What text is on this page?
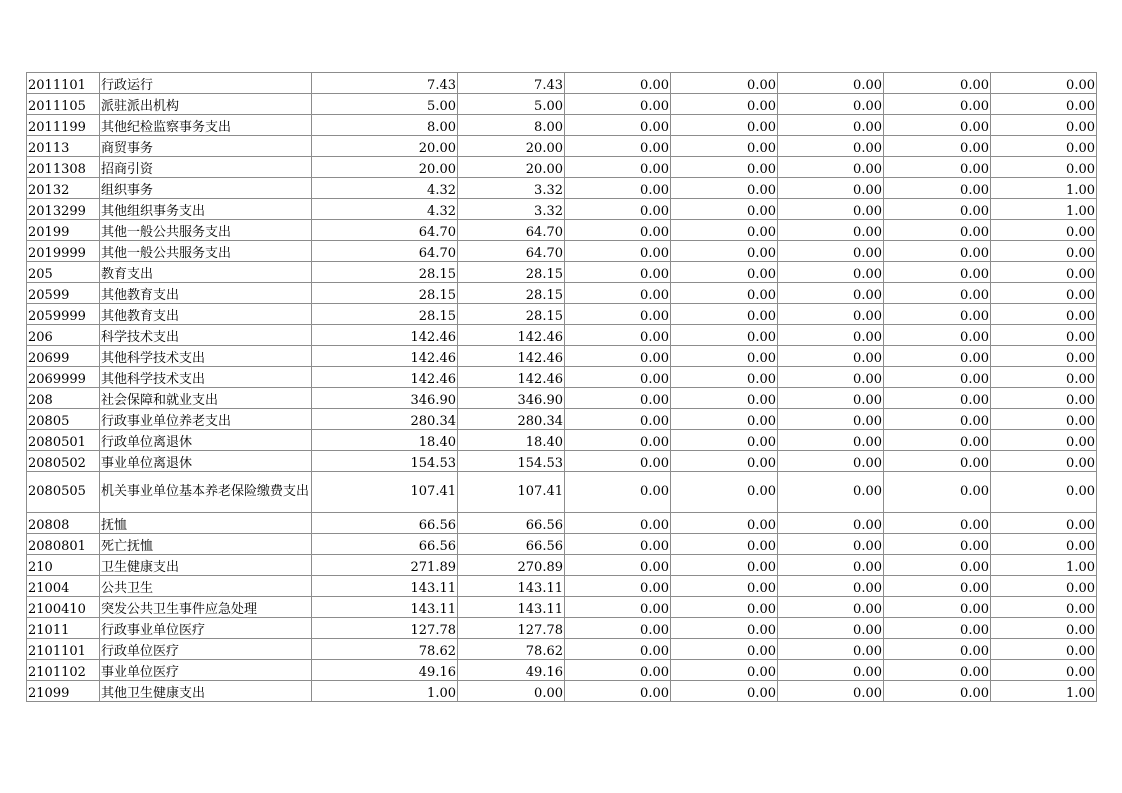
2011101	行政运行	7.43	7.43	0.00	0.00	0.00	0.00	0.00
2011105	派驻派出机构	5.00	5.00	0.00	0.00	0.00	0.00	0.00
2011199	其他纪检监察事务支出	8.00	8.00	0.00	0.00	0.00	0.00	0.00
20113	商贸事务	20.00	20.00	0.00	0.00	0.00	0.00	0.00
2011308	招商引资	20.00	20.00	0.00	0.00	0.00	0.00	0.00
20132	组织事务	4.32	3.32	0.00	0.00	0.00	0.00	1.00
2013299	其他组织事务支出	4.32	3.32	0.00	0.00	0.00	0.00	1.00
20199	其他一般公共服务支出	64.70	64.70	0.00	0.00	0.00	0.00	0.00
2019999	其他一般公共服务支出	64.70	64.70	0.00	0.00	0.00	0.00	0.00
205	教育支出	28.15	28.15	0.00	0.00	0.00	0.00	0.00
20599	其他教育支出	28.15	28.15	0.00	0.00	0.00	0.00	0.00
2059999	其他教育支出	28.15	28.15	0.00	0.00	0.00	0.00	0.00
206	科学技术支出	142.46	142.46	0.00	0.00	0.00	0.00	0.00
20699	其他科学技术支出	142.46	142.46	0.00	0.00	0.00	0.00	0.00
2069999	其他科学技术支出	142.46	142.46	0.00	0.00	0.00	0.00	0.00
208	社会保障和就业支出	346.90	346.90	0.00	0.00	0.00	0.00	0.00
20805	行政事业单位养老支出	280.34	280.34	0.00	0.00	0.00	0.00	0.00
2080501	行政单位离退休	18.40	18.40	0.00	0.00	0.00	0.00	0.00
2080502	事业单位离退休	154.53	154.53	0.00	0.00	0.00	0.00	0.00
2080505	机关事业单位基本养老保险缴费支出	107.41	107.41	0.00	0.00	0.00	0.00	0.00
20808	抚恤	66.56	66.56	0.00	0.00	0.00	0.00	0.00
2080801	死亡抚恤	66.56	66.56	0.00	0.00	0.00	0.00	0.00
210	卫生健康支出	271.89	270.89	0.00	0.00	0.00	0.00	1.00
21004	公共卫生	143.11	143.11	0.00	0.00	0.00	0.00	0.00
2100410	突发公共卫生事件应急处理	143.11	143.11	0.00	0.00	0.00	0.00	0.00
21011	行政事业单位医疗	127.78	127.78	0.00	0.00	0.00	0.00	0.00
2101101	行政单位医疗	78.62	78.62	0.00	0.00	0.00	0.00	0.00
2101102	事业单位医疗	49.16	49.16	0.00	0.00	0.00	0.00	0.00
21099	其他卫生健康支出	1.00	0.00	0.00	0.00	0.00	0.00	1.00
